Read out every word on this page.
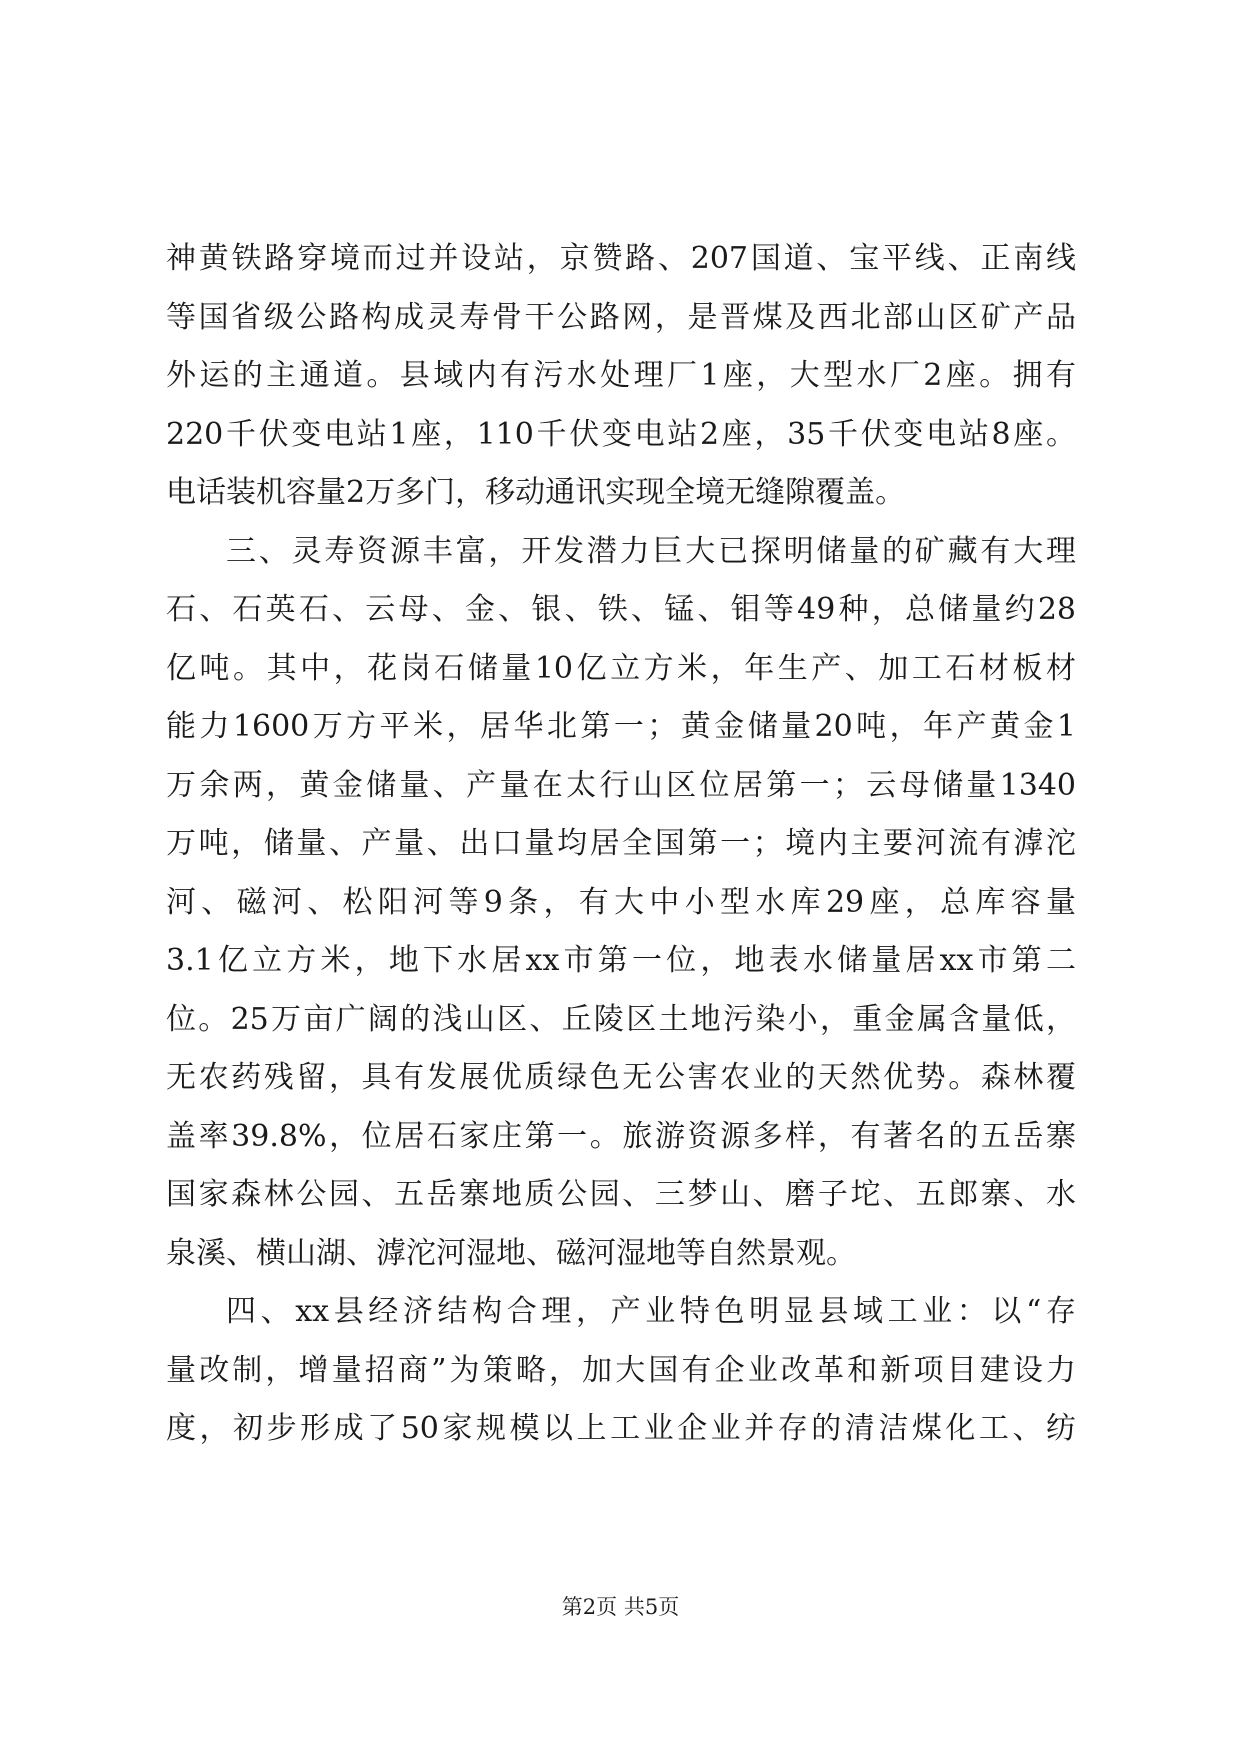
神黄铁路穿境而过并设站，京赞路、207国道、宝平线、正南线
等国省级公路构成灵寿骨干公路网，是晋煤及西北部山区矿产品
外运的主通道。县域内有污水处理厂1座，大型水厂2座。拥有
220千伏变电站1座，110千伏变电站2座，35千伏变电站8座。
电话装机容量2万多门，移动通讯实现全境无缝隙覆盖。
三、灵寿资源丰富，开发潜力巨大已探明储量的矿藏有大理
石、石英石、云母、金、银、铁、锰、钼等49种，总储量约28
亿吨。其中，花岗石储量10亿立方米，年生产、加工石材板材
能力1600万方平米，居华北第一；黄金储量20吨，年产黄金1
万余两，黄金储量、产量在太行山区位居第一；云母储量1340
万吨，储量、产量、出口量均居全国第一；境内主要河流有滹沱
河、磁河、松阳河等9条，有大中小型水库29座，总库容量
3.1亿立方米，地下水居xx市第一位，地表水储量居xx市第二
位。25万亩广阔的浅山区、丘陵区土地污染小，重金属含量低，
无农药残留，具有发展优质绿色无公害农业的天然优势。森林覆
盖率39.8%，位居石家庄第一。旅游资源多样，有著名的五岳寨
国家森林公园、五岳寨地质公园、三梦山、磨子坨、五郎寨、水
泉溪、横山湖、滹沱河湿地、磁河湿地等自然景观。
四、xx县经济结构合理，产业特色明显县域工业：以“存
量改制，增量招商”为策略，加大国有企业改革和新项目建设力
度，初步形成了50家规模以上工业企业并存的清洁煤化工、纺
第2页 共5页
